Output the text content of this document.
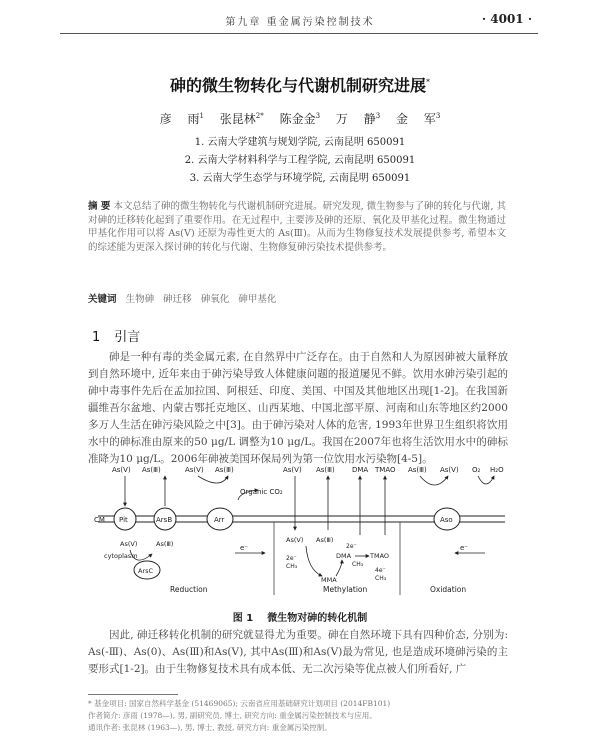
第九章 重金属污染控制技术	· 4001 ·
砷的微生物转化与代谢机制研究进展*
彦 雨$^1$ 张昆林$^{2*}$ 陈金金$^3$ 万 静$^3$ 金 军$^3$
1. 云南大学建筑与规划学院, 云南昆明 650091
2. 云南大学材料科学与工程学院, 云南昆明 650091
3. 云南大学生态学与环境学院, 云南昆明 650091
摘 要 本文总结了砷的微生物转化与代谢机制研究进展。研究发现, 微生物参与了砷的转化与代谢, 其对砷的迁移转化起到了重要作用。在无过程中, 主要涉及砷的还原、氧化及甲基化过程。微生物通过甲基化作用可以将 As(Ⅴ) 还原为毒性更大的 As(Ⅲ)。从而为生物修复技术发展提供参考, 希望本文的综述能为更深入探讨砷的转化与代谢、生物修复砷污染技术提供参考。
关键词 生物砷 砷迁移 砷氧化 砷甲基化
1 引言
砷是一种有毒的类金属元素, 在自然界中广泛存在。由于自然和人为原因砷被大量释放到自然环境中, 近年来由于砷污染导致人体健康问题的报道屡见不鲜。饮用水砷污染引起的砷中毒事件先后在孟加拉国、阿根廷、印度、美国、中国及其他地区出现[1-2]。在我国新疆维吾尔盆地、内蒙古鄂托克地区、山西某地、中国北部平原、河南和山东等地区约2000多万人生活在砷污染风险之中[3]。由于砷污染对人体的危害, 1993年世界卫生组织将饮用水中的砷标准由原来的50 μg/L 调整为10 μg/L。我国在2007年也将生活饮用水中的砷标准降为10 μg/L。2006年砷被美国环保局列为第一位饮用水污染物[4-5]。
CM
As(Ⅴ) As(Ⅲ)	As(Ⅴ) As(Ⅲ)
Organic CO₂
Pit	ArsB	Arr
cytoplasm
As(Ⅴ)	As(Ⅲ)
ArsC
e⁻
Reduction
As(Ⅴ) As(Ⅲ) DMA TMAO
As(Ⅴ) As(Ⅲ)
DMA	TMAO
MMA
2e⁻
CH₃
2e⁻
CH₃
4e⁻
CH₃
Methylation
As(Ⅲ) As(Ⅴ) O₂ H₂O
Aso
e⁻
Oxidation
图 1 微生物对砷的转化机制
因此, 砷迁移转化机制的研究就显得尤为重要。砷在自然环境下具有四种价态, 分别为: As(-Ⅲ)、As(0)、As(Ⅲ)和As(Ⅴ), 其中As(Ⅲ)和As(Ⅴ)最为常见, 也是造成环境砷污染的主要形式[1-2]。由于生物修复技术具有成本低、无二次污染等优点被人们所看好, 广
* 基金项目: 国家自然科学基金 (51469065); 云南省应用基础研究计划项目 (2014FB101)
作者简介: 彦雨 (1978—), 男, 副研究员, 博士, 研究方向: 重金属污染控制技术与应用。
通讯作者: 张昆林 (1963—), 男, 博士, 教授, 研究方向: 重金属污染控制。
